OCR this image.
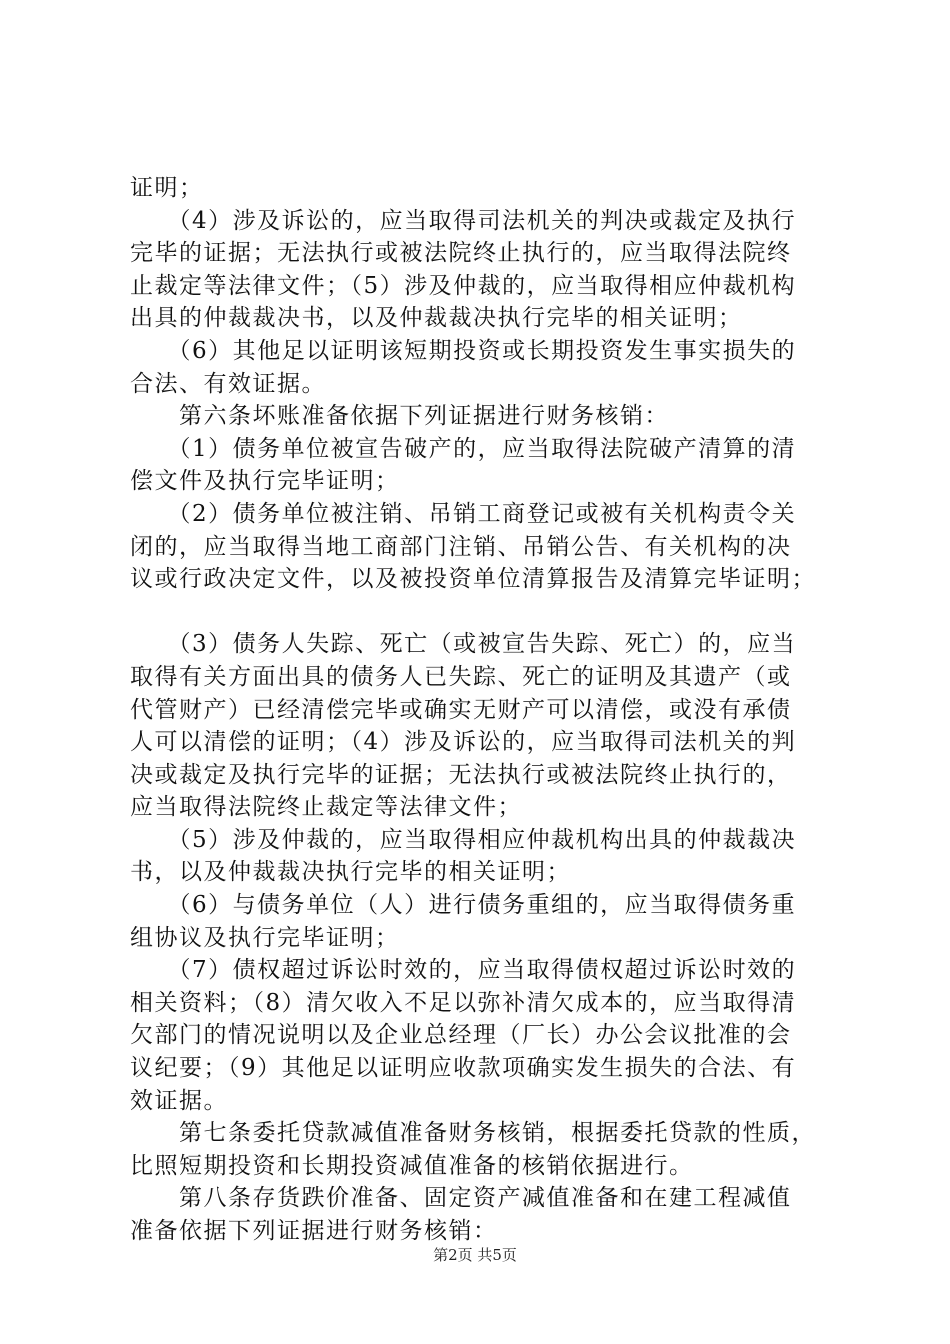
证明；
　　（4）涉及诉讼的，应当取得司法机关的判决或裁定及执行
完毕的证据；无法执行或被法院终止执行的，应当取得法院终
止裁定等法律文件；（5）涉及仲裁的，应当取得相应仲裁机构
出具的仲裁裁决书，以及仲裁裁决执行完毕的相关证明；
　　（6）其他足以证明该短期投资或长期投资发生事实损失的
合法、有效证据。
　　第六条坏账准备依据下列证据进行财务核销：
　　（1）债务单位被宣告破产的，应当取得法院破产清算的清
偿文件及执行完毕证明；
　　（2）债务单位被注销、吊销工商登记或被有关机构责令关
闭的，应当取得当地工商部门注销、吊销公告、有关机构的决
议或行政决定文件，以及被投资单位清算报告及清算完毕证明；
　　（3）债务人失踪、死亡（或被宣告失踪、死亡）的，应当
取得有关方面出具的债务人已失踪、死亡的证明及其遗产（或
代管财产）已经清偿完毕或确实无财产可以清偿，或没有承债
人可以清偿的证明；（4）涉及诉讼的，应当取得司法机关的判
决或裁定及执行完毕的证据；无法执行或被法院终止执行的，
应当取得法院终止裁定等法律文件；
　　（5）涉及仲裁的，应当取得相应仲裁机构出具的仲裁裁决
书，以及仲裁裁决执行完毕的相关证明；
　　（6）与债务单位（人）进行债务重组的，应当取得债务重
组协议及执行完毕证明；
　　（7）债权超过诉讼时效的，应当取得债权超过诉讼时效的
相关资料；（8）清欠收入不足以弥补清欠成本的，应当取得清
欠部门的情况说明以及企业总经理（厂长）办公会议批准的会
议纪要；（9）其他足以证明应收款项确实发生损失的合法、有
效证据。
　　第七条委托贷款减值准备财务核销，根据委托贷款的性质，
比照短期投资和长期投资减值准备的核销依据进行。
　　第八条存货跌价准备、固定资产减值准备和在建工程减值
准备依据下列证据进行财务核销：
第2页 共5页
